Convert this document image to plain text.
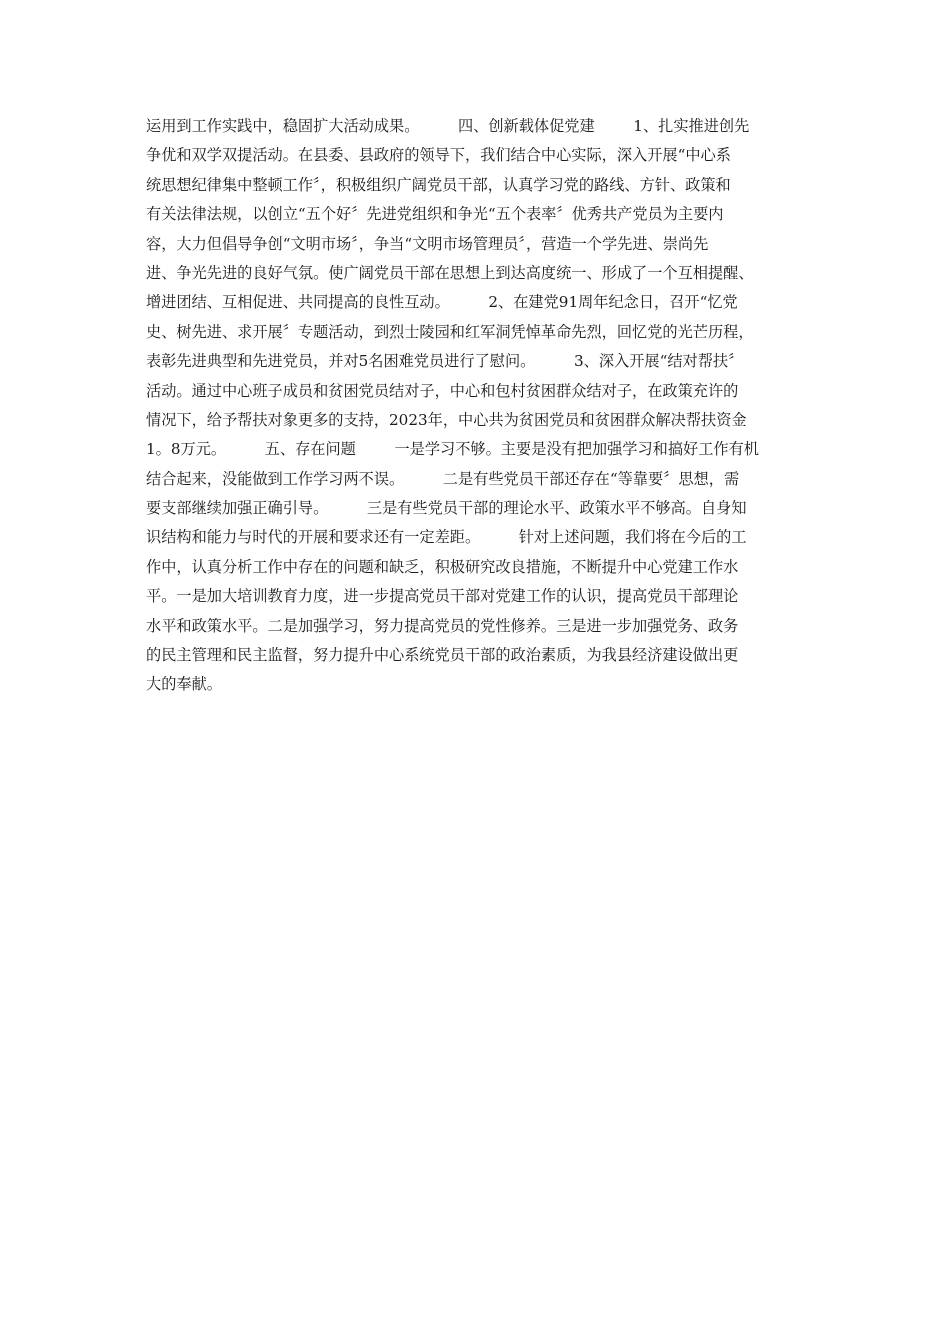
运用到工作实践中，稳固扩大活动成果。        四、创新载体促党建        1、扎实推进创先
争优和双学双提活动。在县委、县政府的领导下，我们结合中心实际，深入开展“中心系
统思想纪律集中整顿工作〞，积极组织广阔党员干部，认真学习党的路线、方针、政策和
有关法律法规，以创立“五个好〞先进党组织和争光“五个表率〞优秀共产党员为主要内
容，大力但倡导争创“文明市场〞，争当“文明市场管理员〞，营造一个学先进、崇尚先
进、争光先进的良好气氛。使广阔党员干部在思想上到达高度统一、形成了一个互相提醒、
增进团结、互相促进、共同提高的良性互动。        2、在建党91周年纪念日，召开“忆党
史、树先进、求开展〞专题活动，到烈士陵园和红军洞凭悼革命先烈，回忆党的光芒历程，
表彰先进典型和先进党员，并对5名困难党员进行了慰问。        3、深入开展“结对帮扶〞
活动。通过中心班子成员和贫困党员结对子，中心和包村贫困群众结对子，在政策充许的
情况下，给予帮扶对象更多的支持，2023年，中心共为贫困党员和贫困群众解决帮扶资金
1。8万元。        五、存在问题        一是学习不够。主要是没有把加强学习和搞好工作有机
结合起来，没能做到工作学习两不误。        二是有些党员干部还存在“等靠要〞思想，需
要支部继续加强正确引导。        三是有些党员干部的理论水平、政策水平不够高。自身知
识结构和能力与时代的开展和要求还有一定差距。        针对上述问题，我们将在今后的工
作中，认真分析工作中存在的问题和缺乏，积极研究改良措施，不断提升中心党建工作水
平。一是加大培训教育力度，进一步提高党员干部对党建工作的认识，提高党员干部理论
水平和政策水平。二是加强学习，努力提高党员的党性修养。三是进一步加强党务、政务
的民主管理和民主监督，努力提升中心系统党员干部的政治素质，为我县经济建设做出更
大的奉献。
